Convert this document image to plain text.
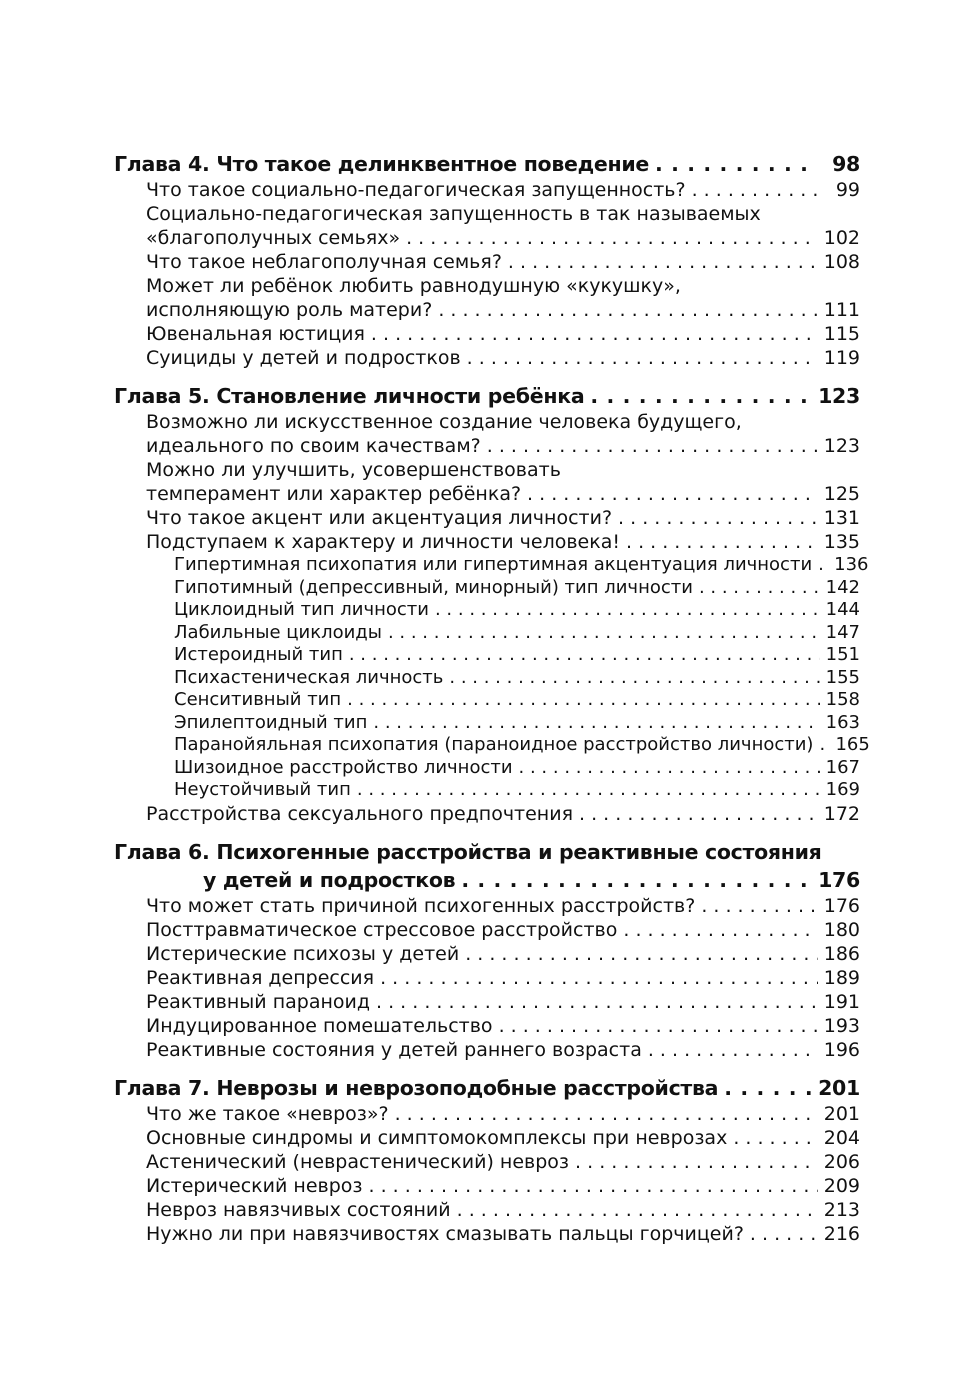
Глава 4. Что такое делинквентное поведение . . .	98
Что такое социально-педагогическая запущенность? . . .	99
Социально-педагогическая запущенность в так называемых
«благополучных семьях» . . .	102
Что такое неблагополучная семья? . . .	108
Может ли ребёнок любить равнодушную «кукушку»,
исполняющую роль матери? . . .	111
Ювенальная юстиция . . .	115
Суициды у детей и подростков . . .	119
Глава 5. Становление личности ребёнка . . .	123
Возможно ли искусственное создание человека будущего,
идеального по своим качествам? . . .	123
Можно ли улучшить, усовершенствовать
темперамент или характер ребёнка? . . .	125
Что такое акцент или акцентуация личности? . . .	131
Подступаем к характеру и личности человека! . . .	135
Гипертимная психопатия или гипертимная акцентуация личности . . . 136
Гипотимный (депрессивный, минорный) тип личности . . .	142
Циклоидный тип личности . . .	144
Лабильные циклоиды . . .	147
Истероидный тип . . .	151
Психастеническая личность . . .	155
Сенситивный тип . . .	158
Эпилептоидный тип . . .	163
Паранойяльная психопатия (параноидное расстройство личности) . . . 165
Шизоидное расстройство личности . . .	167
Неустойчивый тип . . .	169
Расстройства сексуального предпочтения . . .	172
Глава 6. Психогенные расстройства и реактивные состояния
у детей и подростков . . .	176
Что может стать причиной психогенных расстройств? . . .	176
Посттравматическое стрессовое расстройство . . .	180
Истерические психозы у детей . . .	186
Реактивная депрессия . . .	189
Реактивный параноид . . .	191
Индуцированное помешательство . . .	193
Реактивные состояния у детей раннего возраста . . .	196
Глава 7. Неврозы и неврозоподобные расстройства . . .	201
Что же такое «невроз»? . . .	201
Основные синдромы и симптомокомплексы при неврозах . . .	204
Астенический (неврастенический) невроз . . .	206
Истерический невроз . . .	209
Невроз навязчивых состояний . . .	213
Нужно ли при навязчивостях смазывать пальцы горчицей? . . .	216
